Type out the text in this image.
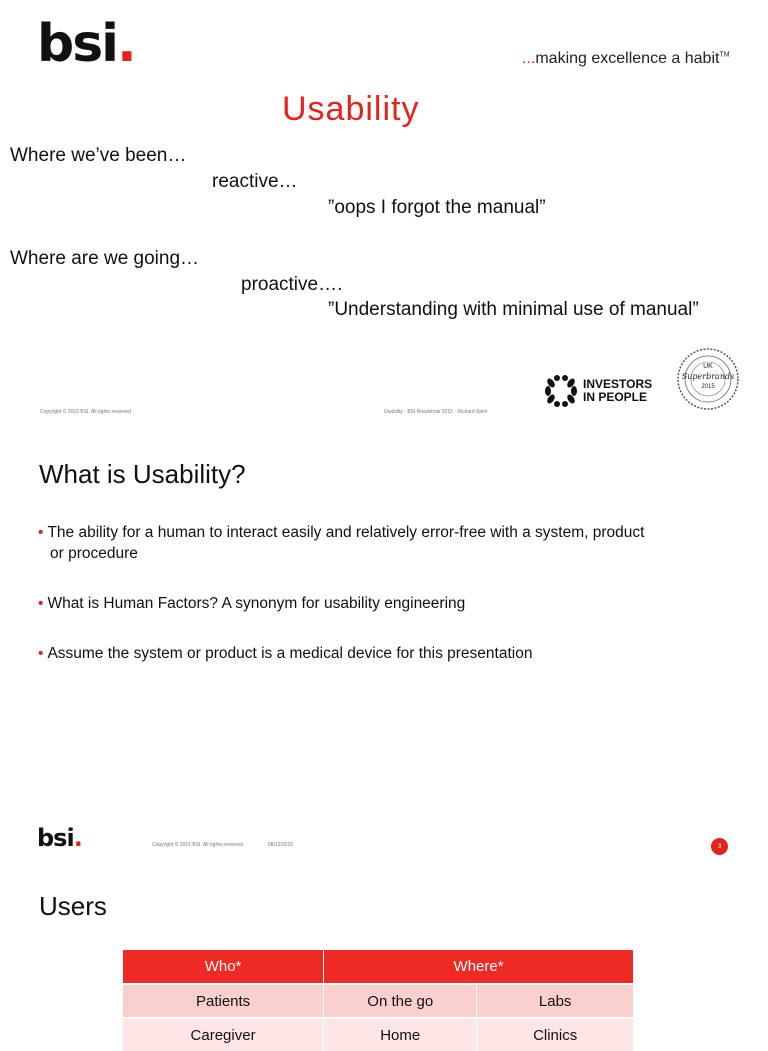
bsi.	...making excellence a habit™
Usability
Where we’ve been…
reactive…
”oops I forgot the manual”
Where are we going…
proactive….
”Understanding with minimal use of manual”
INVESTORS
IN PEOPLE
UK
Superbrands
2015
Copyright © 2015 BSI. All rights reserved.	Usability · BSI Roadshow 2015 · Richard Stein
What is Usability?
• The ability for a human to interact easily and relatively error-free with a system, product
or procedure
• What is Human Factors? A synonym for usability engineering
• Assume the system or product is a medical device for this presentation
bsi.	Copyright © 2015 BSI. All rights reserved.	08/12/2015	3
Users
Who*	Where*	
Patients	On the go	Labs
Caregiver	Home	Clinics
